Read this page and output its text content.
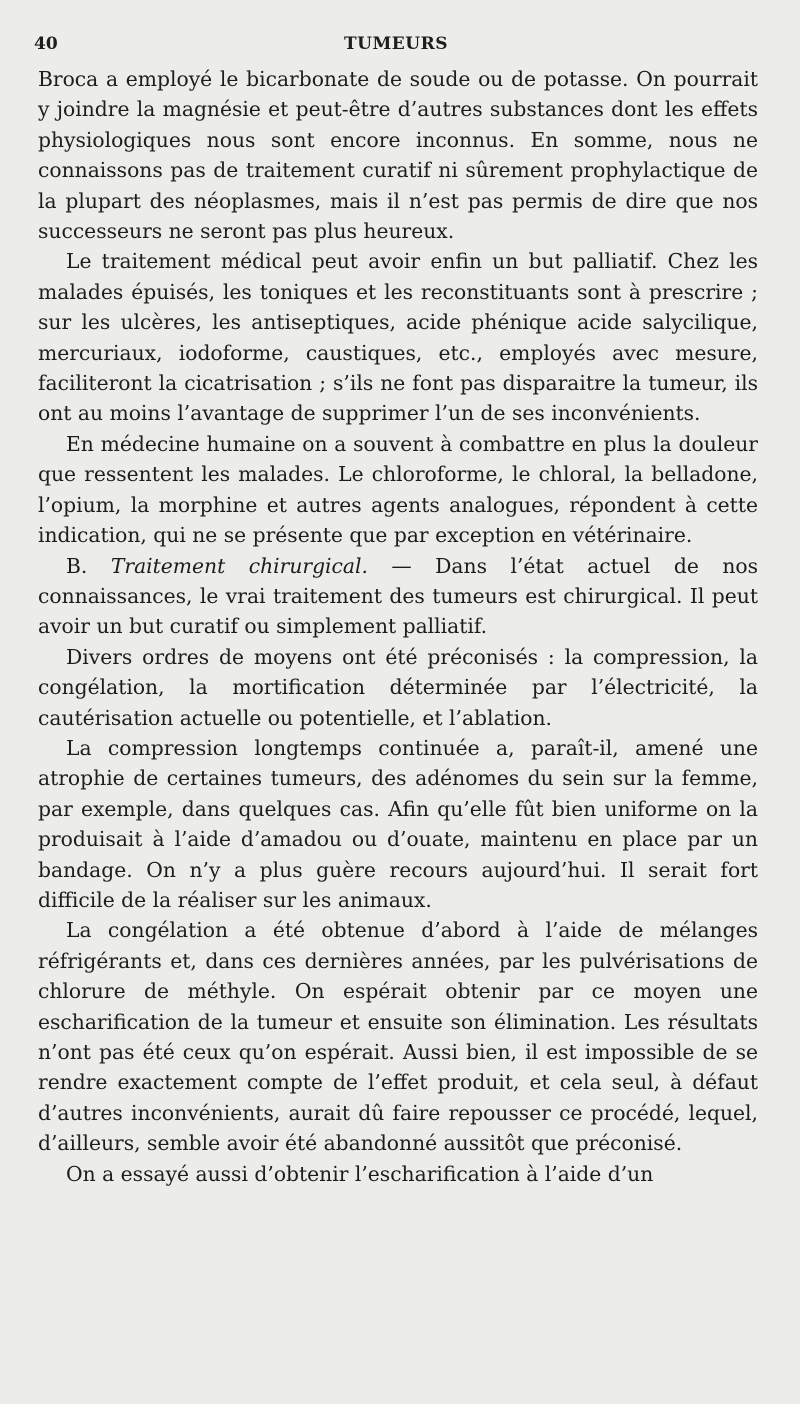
40	TUMEURS

Broca a employé le bicarbonate de soude ou de potasse. On pourrait y joindre la magnésie et peut-être d’autres substances dont les effets physiologiques nous sont encore inconnus. En somme, nous ne connaissons pas de traitement curatif ni sûrement prophylactique de la plupart des néoplasmes, mais il n’est pas permis de dire que nos successeurs ne seront pas plus heureux.

Le traitement médical peut avoir enfin un but palliatif. Chez les malades épuisés, les toniques et les reconstituants sont à prescrire ; sur les ulcères, les antiseptiques, acide phénique acide salycilique, mercuriaux, iodoforme, caustiques, etc., employés avec mesure, faciliteront la cicatrisation ; s’ils ne font pas disparaitre la tumeur, ils ont au moins l’avantage de supprimer l’un de ses inconvénients.

En médecine humaine on a souvent à combattre en plus la douleur que ressentent les malades. Le chloroforme, le chloral, la belladone, l’opium, la morphine et autres agents analogues, répondent à cette indication, qui ne se présente que par exception en vétérinaire.

B. Traitement chirurgical. — Dans l’état actuel de nos connaissances, le vrai traitement des tumeurs est chirurgical. Il peut avoir un but curatif ou simplement palliatif.

Divers ordres de moyens ont été préconisés : la compression, la congélation, la mortification déterminée par l’électricité, la cautérisation actuelle ou potentielle, et l’ablation.

La compression longtemps continuée a, paraît-il, amené une atrophie de certaines tumeurs, des adénomes du sein sur la femme, par exemple, dans quelques cas. Afin qu’elle fût bien uniforme on la produisait à l’aide d’amadou ou d’ouate, maintenu en place par un bandage. On n’y a plus guère recours aujourd’hui. Il serait fort difficile de la réaliser sur les animaux.

La congélation a été obtenue d’abord à l’aide de mélanges réfrigérants et, dans ces dernières années, par les pulvérisations de chlorure de méthyle. On espérait obtenir par ce moyen une escharification de la tumeur et ensuite son élimination. Les résultats n’ont pas été ceux qu’on espérait. Aussi bien, il est impossible de se rendre exactement compte de l’effet produit, et cela seul, à défaut d’autres inconvénients, aurait dû faire repousser ce procédé, lequel, d’ailleurs, semble avoir été abandonné aussitôt que préconisé.

On a essayé aussi d’obtenir l’escharification à l’aide d’un
